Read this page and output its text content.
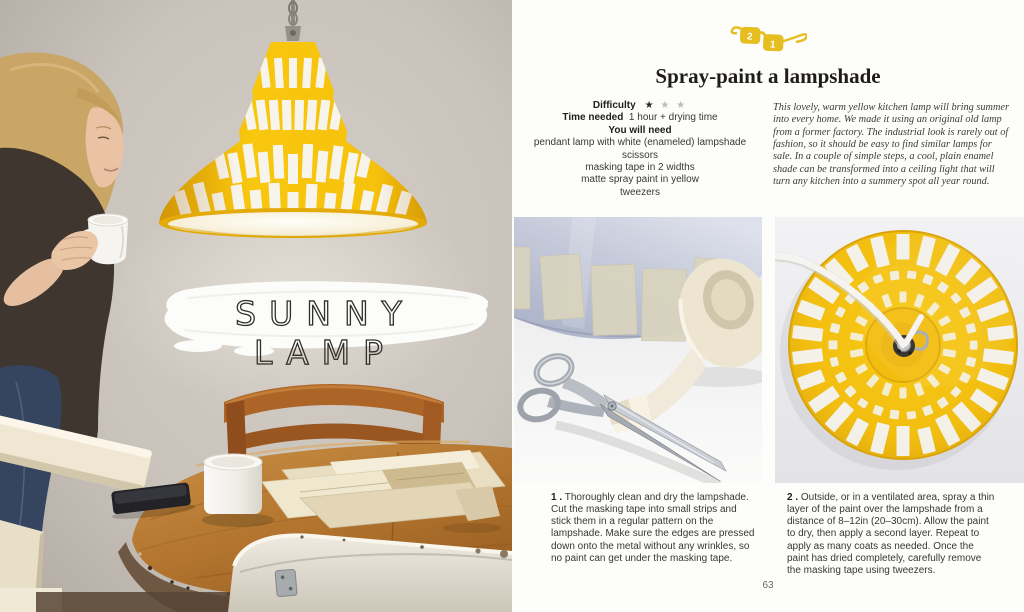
SUNNY LAMP
2
1
Spray-paint a lampshade
Difficulty ★ ★ ★
Time needed 1 hour + drying time
You will need
pendant lamp with white (enameled) lampshade
scissors
masking tape in 2 widths
matte spray paint in yellow
tweezers

This lovely, warm yellow kitchen lamp will bring summer into every home. We made it using an original old lamp from a former factory. The industrial look is rarely out of fashion, so it should be easy to find similar lamps for sale. In a couple of simple steps, a cool, plain enamel shade can be transformed into a ceiling light that will turn any kitchen into a summery spot all year round.

1 . Thoroughly clean and dry the lampshade. Cut the masking tape into small strips and stick them in a regular pattern on the lampshade. Make sure the edges are pressed down onto the metal without any wrinkles, so no paint can get under the masking tape.
2 . Outside, or in a ventilated area, spray a thin layer of the paint over the lampshade from a distance of 8–12in (20–30cm). Allow the paint to dry, then apply a second layer. Repeat to apply as many coats as needed. Once the paint has dried completely, carefully remove the masking tape using tweezers.
63
